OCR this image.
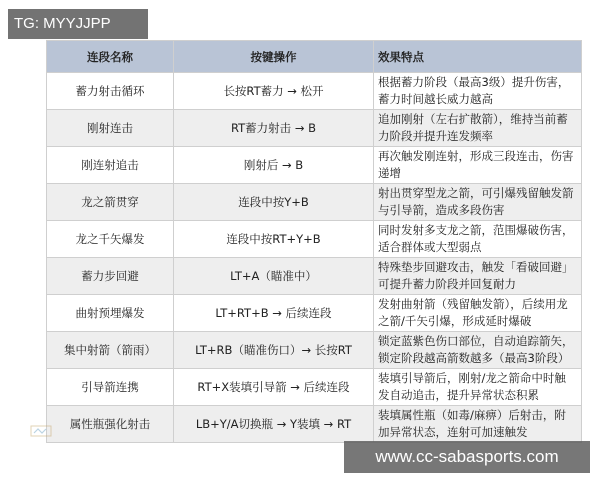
TG: MYYJJPP
连段名称	按键操作	效果特点
蓄力射击循环	长按RT蓄力 → 松开	根据蓄力阶段（最高3级）提升伤害，蓄力时间越长威力越高
刚射连击	RT蓄力射击 → B	追加刚射（左右扩散箭），维持当前蓄力阶段并提升连发频率
刚连射追击	刚射后 → B	再次触发刚连射，形成三段连击，伤害递增
龙之箭贯穿	连段中按Y+B	射出贯穿型龙之箭，可引爆残留触发箭与引导箭，造成多段伤害
龙之千矢爆发	连段中按RT+Y+B	同时发射多支龙之箭，范围爆破伤害，适合群体或大型弱点
蓄力步回避	LT+A（瞄准中）	特殊垫步回避攻击，触发「看破回避」可提升蓄力阶段并回复耐力
曲射预埋爆发	LT+RT+B → 后续连段	发射曲射箭（残留触发箭），后续用龙之箭/千矢引爆，形成延时爆破
集中射箭（箭雨）	LT+RB（瞄准伤口）→ 长按RT	锁定蓝紫色伤口部位，自动追踪箭矢，锁定阶段越高箭数越多（最高3阶段）
引导箭连携	RT+X装填引导箭 → 后续连段	装填引导箭后，刚射/龙之箭命中时触发自动追击，提升异常状态积累
属性瓶强化射击	LB+Y/A切换瓶 → Y装填 → RT	装填属性瓶（如毒/麻痹）后射击，附加异常状态，连射可加速触发
www.cc-sabasports.com
